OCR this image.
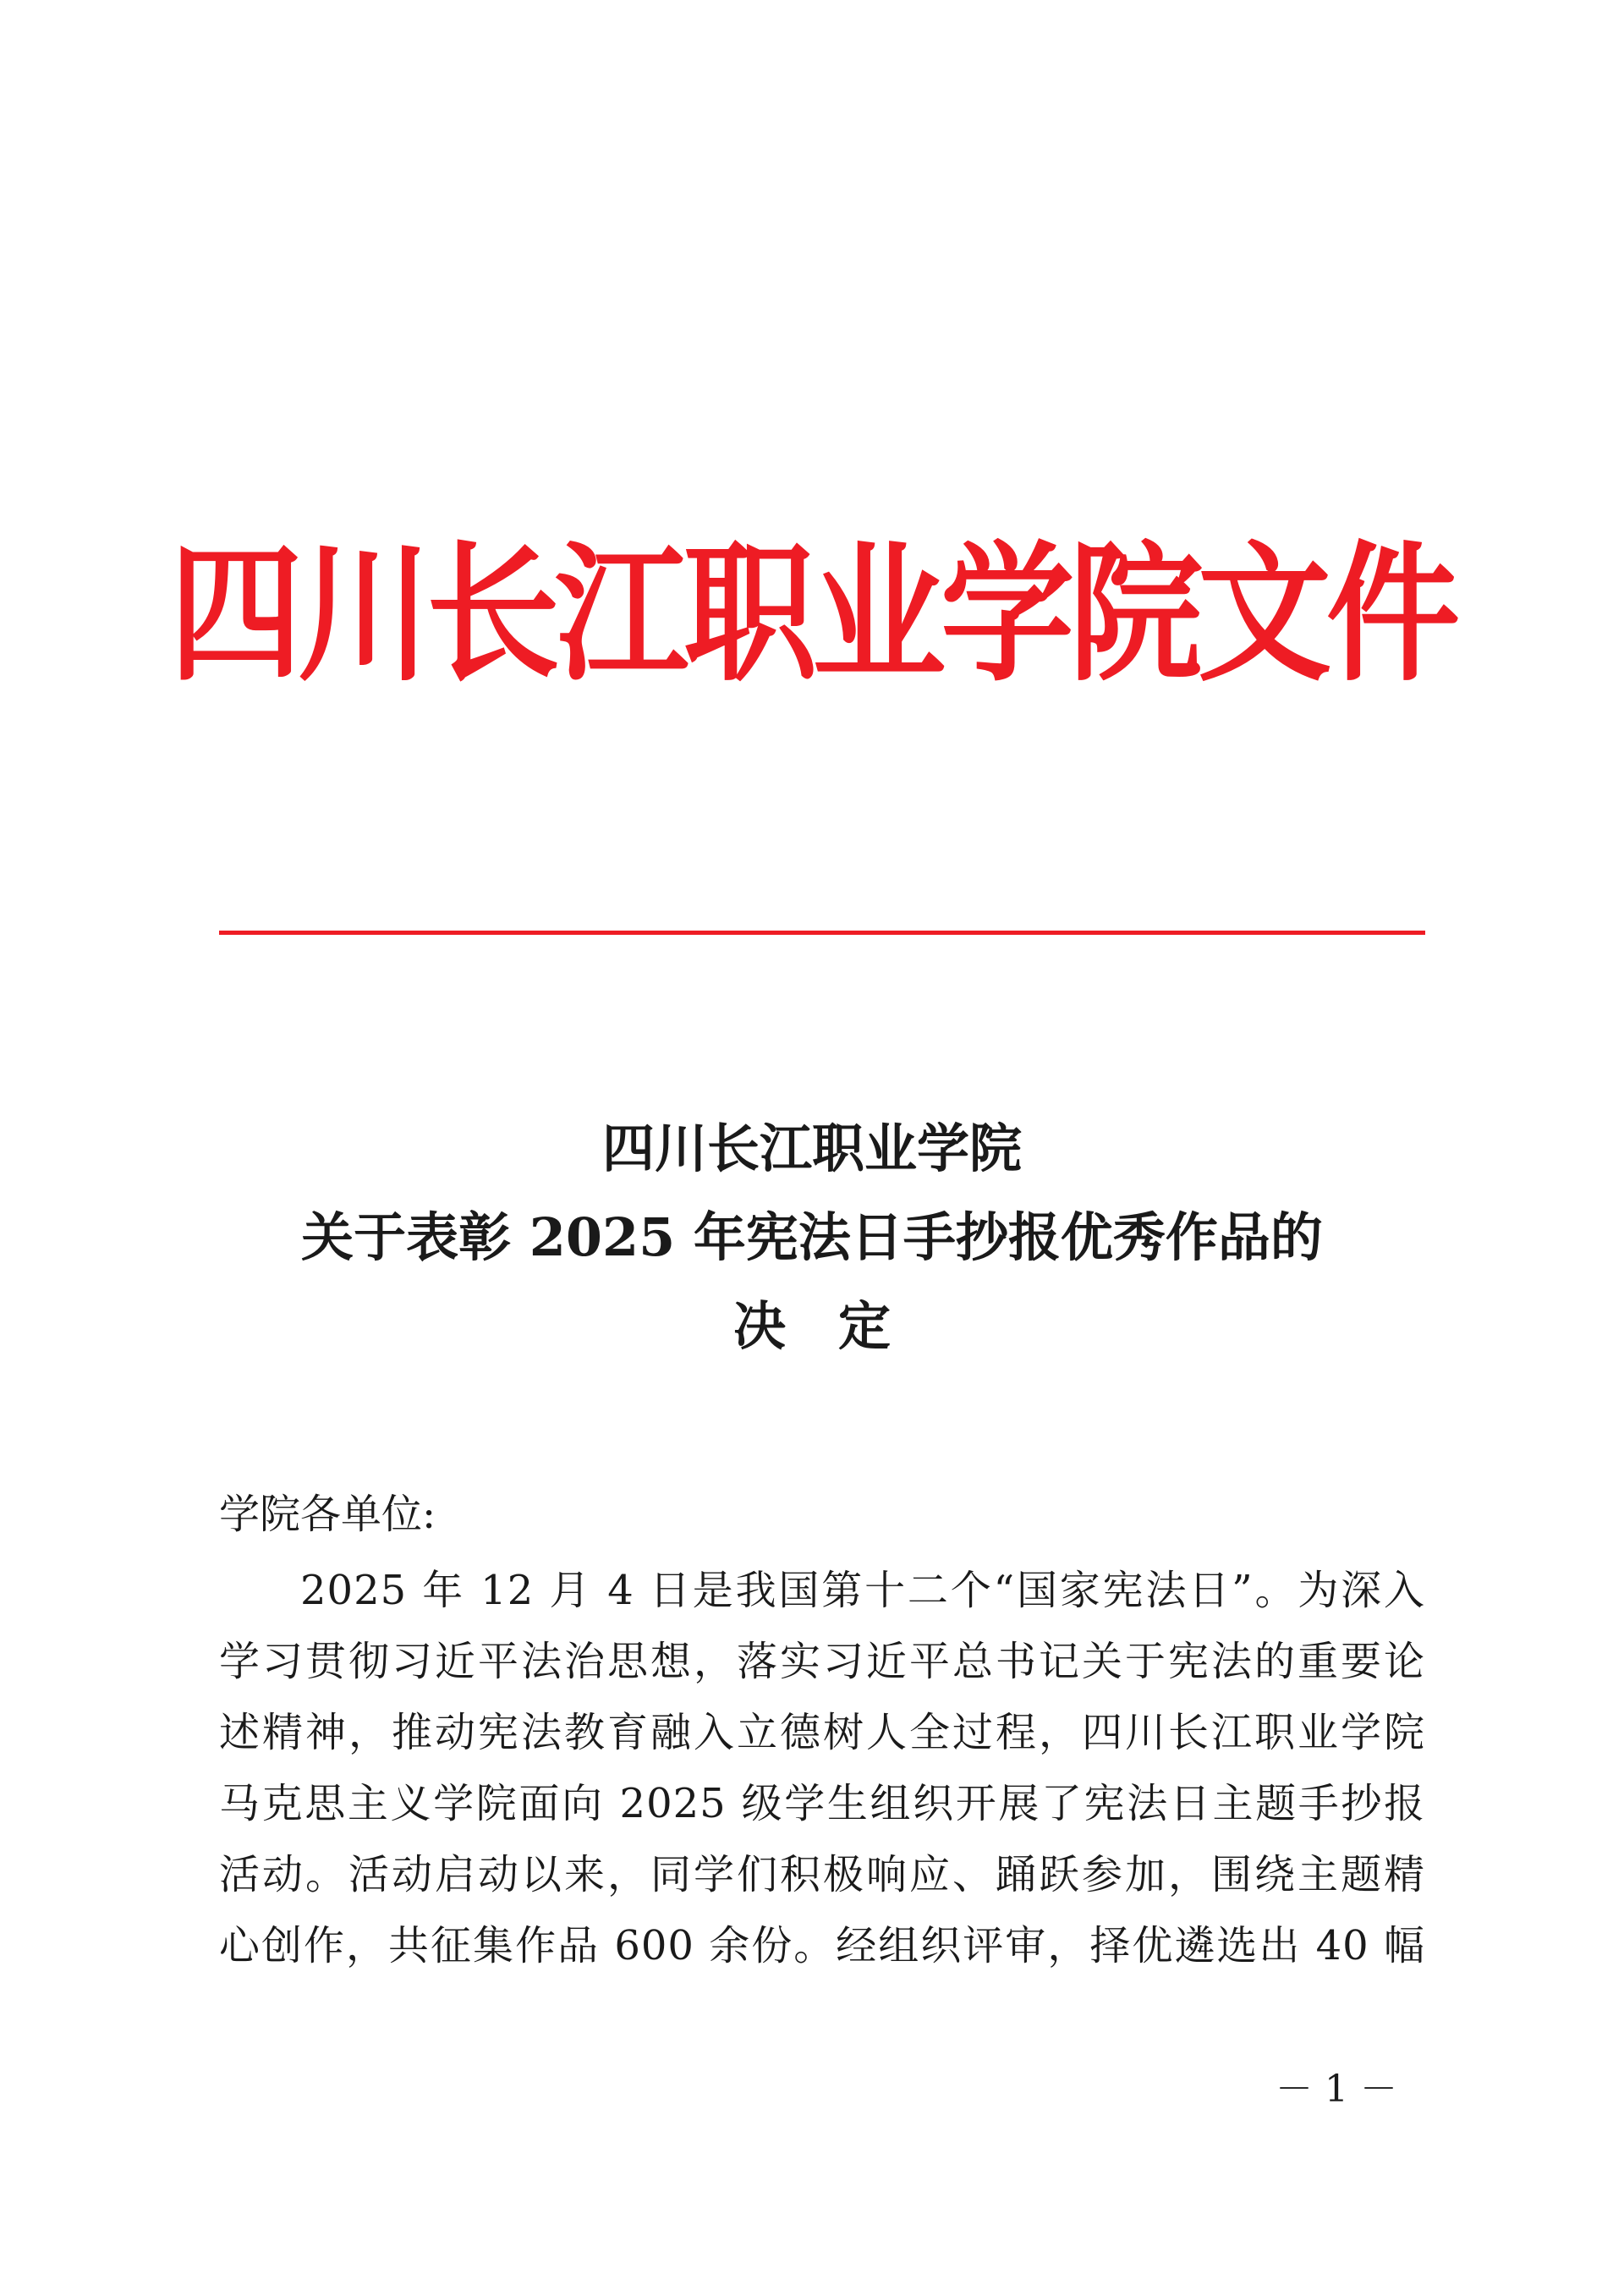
四川长江职业学院文件
四川长江职业学院
关于表彰 2025 年宪法日手抄报优秀作品的
决　定
学院各单位:
2025 年 12 月 4 日是我国第十二个“国家宪法日”。为深入
学习贯彻习近平法治思想，落实习近平总书记关于宪法的重要论
述精神，推动宪法教育融入立德树人全过程，四川长江职业学院
马克思主义学院面向 2025 级学生组织开展了宪法日主题手抄报
活动。活动启动以来，同学们积极响应、踊跃参加，围绕主题精
心创作，共征集作品 600 余份。经组织评审，择优遴选出 40 幅
－ 1 －
